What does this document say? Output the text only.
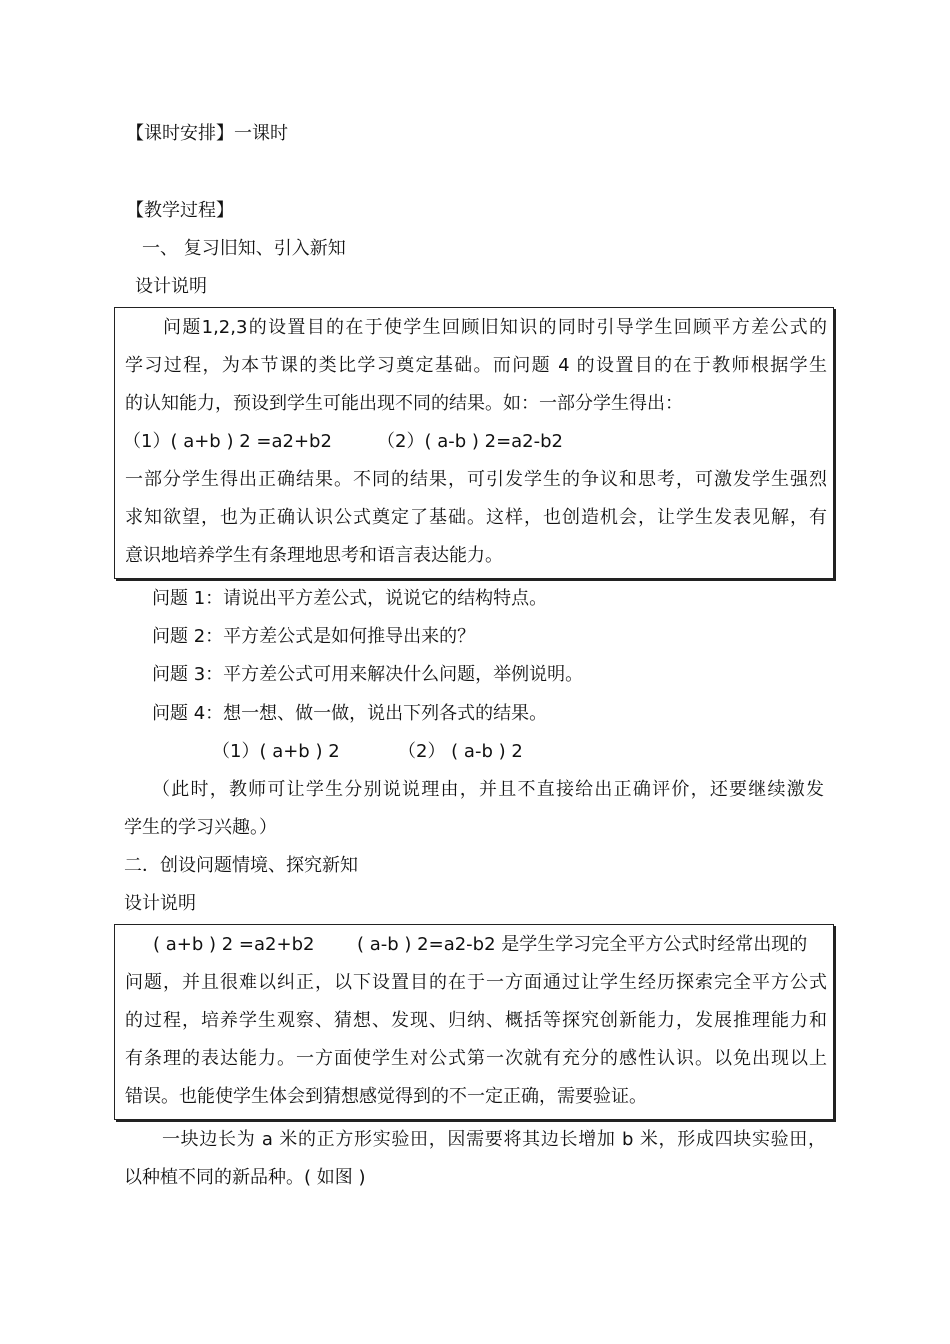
【课时安排】一课时
【教学过程】
一、 复习旧知、引入新知
设计说明
问题1,2,3的设置目的在于使学生回顾旧知识的同时引导学生回顾平方差公式的
学习过程，为本节课的类比学习奠定基础。而问题 4 的设置目的在于教师根据学生
的认知能力，预设到学生可能出现不同的结果。如：一部分学生得出：
（1）( a+b ) 2 =a2+b2	（2）( a-b ) 2=a2-b2
一部分学生得出正确结果。不同的结果，可引发学生的争议和思考，可激发学生强烈
求知欲望，也为正确认识公式奠定了基础。这样，也创造机会，让学生发表见解，有
意识地培养学生有条理地思考和语言表达能力。
问题 1：请说出平方差公式，说说它的结构特点。
问题 2：平方差公式是如何推导出来的？
问题 3：平方差公式可用来解决什么问题，举例说明。
问题 4：想一想、做一做，说出下列各式的结果。
（1）( a+b ) 2	（2） ( a-b ) 2
（此时，教师可让学生分别说说理由，并且不直接给出正确评价，还要继续激发
学生的学习兴趣。）
二．创设问题情境、探究新知
设计说明
( a+b ) 2 =a2+b2 ( a-b ) 2=a2-b2 是学生学习完全平方公式时经常出现的
问题，并且很难以纠正，以下设置目的在于一方面通过让学生经历探索完全平方公式
的过程，培养学生观察、猜想、发现、归纳、概括等探究创新能力，发展推理能力和
有条理的表达能力。一方面使学生对公式第一次就有充分的感性认识。以免出现以上
错误。也能使学生体会到猜想感觉得到的不一定正确，需要验证。
一块边长为 a 米的正方形实验田，因需要将其边长增加 b 米，形成四块实验田，
以种植不同的新品种。( 如图 )
